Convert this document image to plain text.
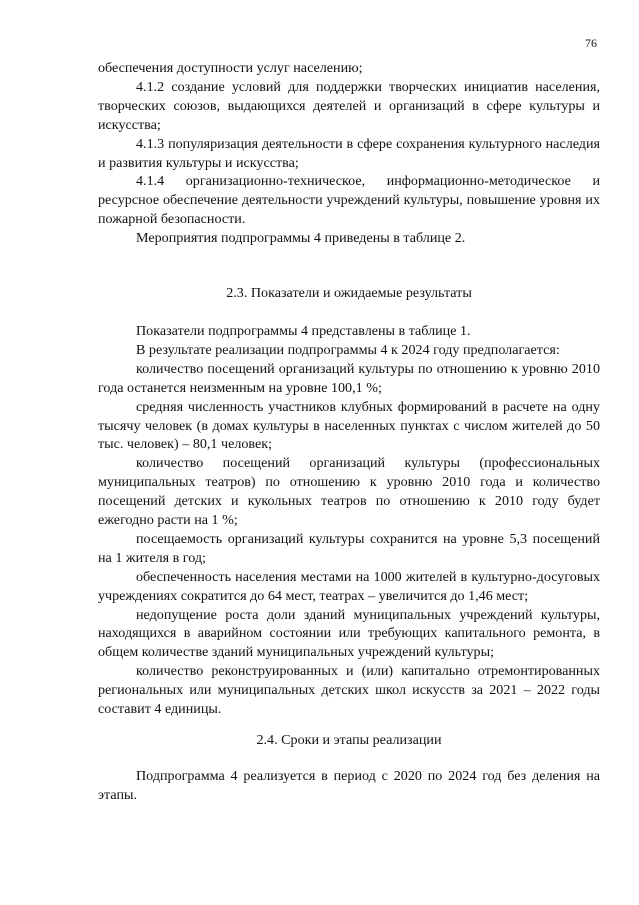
76

обеспечения доступности услуг населению;

4.1.2 создание условий для поддержки творческих инициатив населения, творческих союзов, выдающихся деятелей и организаций в сфере культуры и искусства;

4.1.3 популяризация деятельности в сфере сохранения культурного наследия и развития культуры и искусства;

4.1.4 организационно-техническое, информационно-методическое и ресурсное обеспечение деятельности учреждений культуры, повышение уровня их пожарной безопасности.

Мероприятия подпрограммы 4 приведены в таблице 2.

2.3. Показатели и ожидаемые результаты

Показатели подпрограммы 4 представлены в таблице 1.

В результате реализации подпрограммы 4 к 2024 году предполагается:

количество посещений организаций культуры по отношению к уровню 2010 года останется неизменным на уровне 100,1 %;

средняя численность участников клубных формирований в расчете на одну тысячу человек (в домах культуры в населенных пунктах с числом жителей до 50 тыс. человек) – 80,1 человек;

количество посещений организаций культуры (профессиональных муниципальных театров) по отношению к уровню 2010 года и количество посещений детских и кукольных театров по отношению к 2010 году будет ежегодно расти на 1 %;

посещаемость организаций культуры сохранится на уровне 5,3 посещений на 1 жителя в год;

обеспеченность населения местами на 1000 жителей в культурно-досуговых учреждениях сократится до 64 мест, театрах – увеличится до 1,46 мест;

недопущение роста доли зданий муниципальных учреждений культуры, находящихся в аварийном состоянии или требующих капитального ремонта, в общем количестве зданий муниципальных учреждений культуры;

количество реконструированных и (или) капитально отремонтированных региональных или муниципальных детских школ искусств за 2021 – 2022 годы составит 4 единицы.

2.4. Сроки и этапы реализации

Подпрограмма 4 реализуется в период с 2020 по 2024 год без деления на этапы.
